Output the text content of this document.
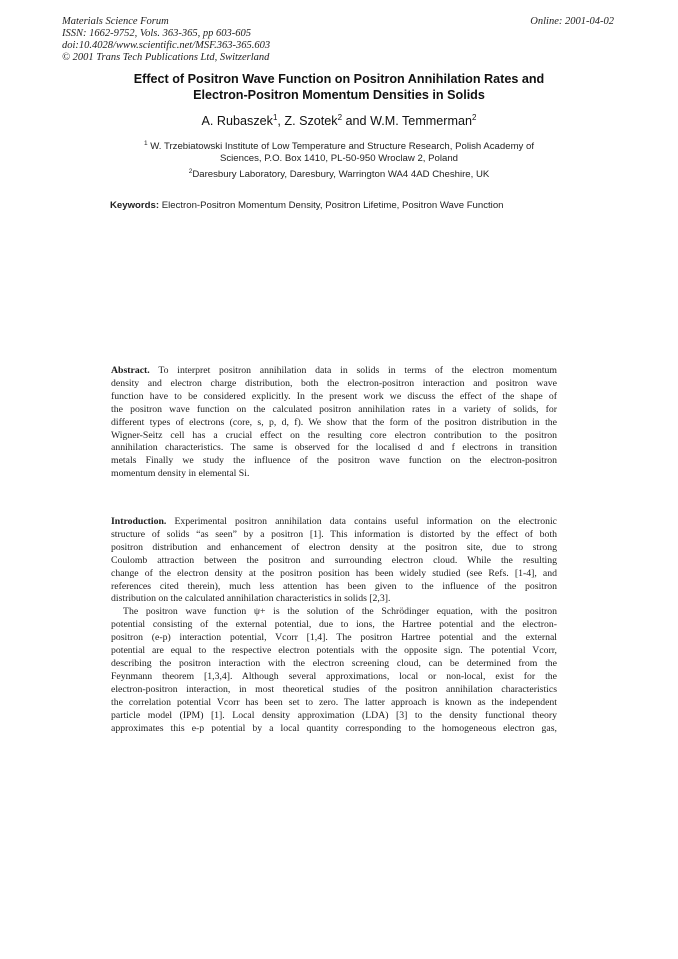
Materials Science Forum
ISSN: 1662-9752, Vols. 363-365, pp 603-605
doi:10.4028/www.scientific.net/MSF.363-365.603
© 2001 Trans Tech Publications Ltd, Switzerland
Online: 2001-04-02
Effect of Positron Wave Function on Positron Annihilation Rates and
Electron-Positron Momentum Densities in Solids
A. Rubaszek$^1$, Z. Szotek$^2$ and W.M. Temmerman$^2$
$^1$ W. Trzebiatowski Institute of Low Temperature and Structure Research, Polish Academy of
Sciences, P.O. Box 1410, PL-50-950 Wroclaw 2, Poland
$^2$Daresbury Laboratory, Daresbury, Warrington WA4 4AD Cheshire, UK
Keywords: Electron-Positron Momentum Density, Positron Lifetime, Positron Wave Function
Abstract. To interpret positron annihilation data in solids in terms of the electron momentum
density and electron charge distribution, both the electron-positron interaction and positron wave
function have to be considered explicitly. In the present work we discuss the effect of the shape of
the positron wave function on the calculated positron annihilation rates in a variety of solids, for
different types of electrons (core, s, p, d, f). We show that the form of the positron distribution in the
Wigner-Seitz cell has a crucial effect on the resulting core electron contribution to the positron
annihilation characteristics. The same is observed for the localised d and f electrons in transition
metals Finally we study the influence of the positron wave function on the electron-positron
momentum density in elemental Si.
Introduction. Experimental positron annihilation data contains useful information on the electronic
structure of solids “as seen” by a positron [1]. This information is distorted by the effect of both
positron distribution and enhancement of electron density at the positron site, due to strong
Coulomb attraction between the positron and surrounding electron cloud. While the resulting
change of the electron density at the positron position has been widely studied (see Refs. [1-4], and
references cited therein), much less attention has been given to the influence of the positron
distribution on the calculated annihilation characteristics in solids [2,3].
The positron wave function ψ+ is the solution of the Schrödinger equation, with the positron
potential consisting of the external potential, due to ions, the Hartree potential and the electron-
positron (e-p) interaction potential, Vcorr [1,4]. The positron Hartree potential and the external
potential are equal to the respective electron potentials with the opposite sign. The potential Vcorr,
describing the positron interaction with the electron screening cloud, can be determined from the
Feynmann theorem [1,3,4]. Although several approximations, local or non-local, exist for the
electron-positron interaction, in most theoretical studies of the positron annihilation characteristics
the correlation potential Vcorr has been set to zero. The latter approach is known as the independent
particle model (IPM) [1]. Local density approximation (LDA) [3] to the density functional theory
approximates this e-p potential by a local quantity corresponding to the homogeneous electron gas,
